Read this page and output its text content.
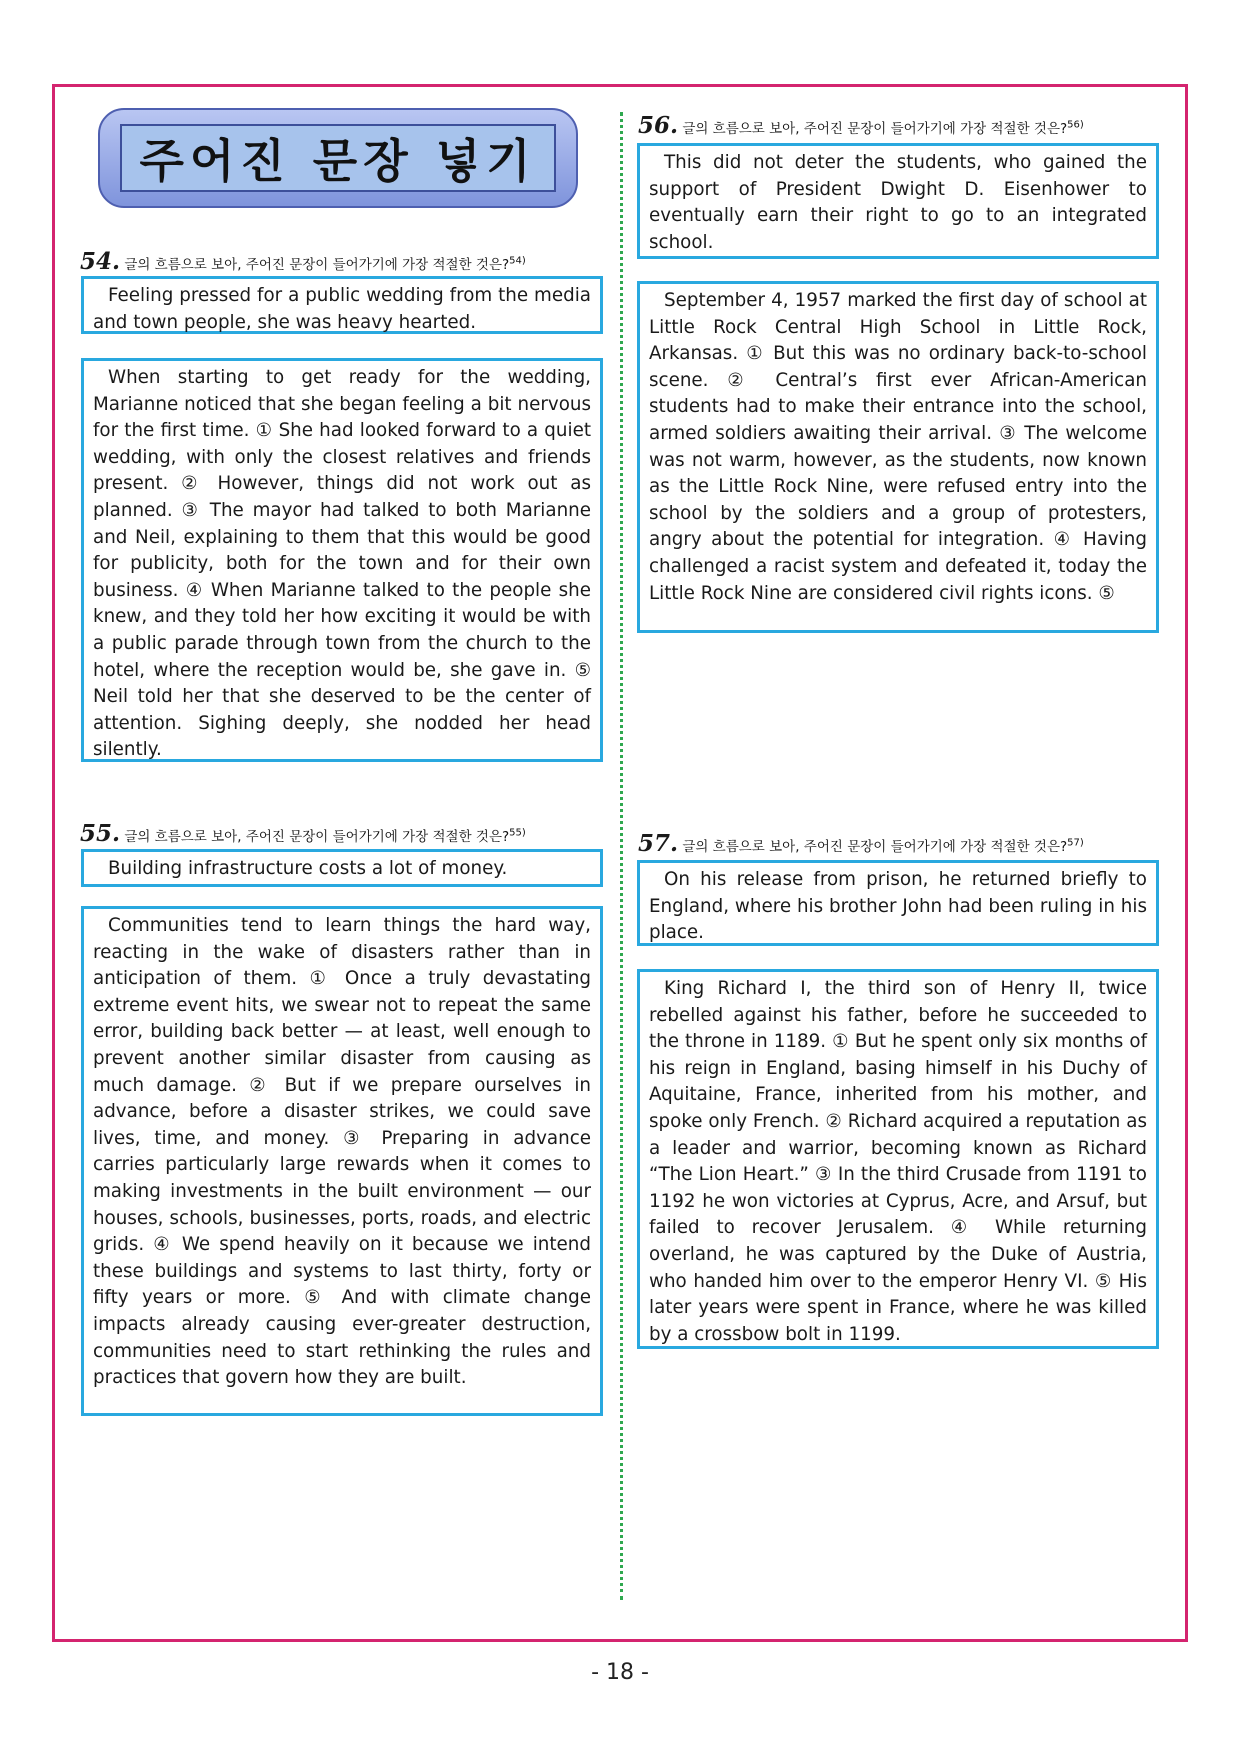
주어진 문장 넣기
54. 글의 흐름으로 보아, 주어진 문장이 들어가기에 가장 적절한 것은?$^{54)}$
Feeling pressed for a public wedding from the media and town people, she was heavy hearted.
When starting to get ready for the wedding, Marianne noticed that she began feeling a bit nervous for the first time. ① She had looked forward to a quiet wedding, with only the closest relatives and friends present. ② However, things did not work out as planned. ③ The mayor had talked to both Marianne and Neil, explaining to them that this would be good for publicity, both for the town and for their own business. ④ When Marianne talked to the people she knew, and they told her how exciting it would be with a public parade through town from the church to the hotel, where the reception would be, she gave in. ⑤ Neil told her that she deserved to be the center of attention. Sighing deeply, she nodded her head silently.
55. 글의 흐름으로 보아, 주어진 문장이 들어가기에 가장 적절한 것은?$^{55)}$
Building infrastructure costs a lot of money.
Communities tend to learn things the hard way, reacting in the wake of disasters rather than in anticipation of them. ① Once a truly devastating extreme event hits, we swear not to repeat the same error, building back better — at least, well enough to prevent another similar disaster from causing as much damage. ② But if we prepare ourselves in advance, before a disaster strikes, we could save lives, time, and money. ③ Preparing in advance carries particularly large rewards when it comes to making investments in the built environment — our houses, schools, businesses, ports, roads, and electric grids. ④ We spend heavily on it because we intend these buildings and systems to last thirty, forty or fifty years or more. ⑤ And with climate change impacts already causing ever-greater destruction, communities need to start rethinking the rules and practices that govern how they are built.
56. 글의 흐름으로 보아, 주어진 문장이 들어가기에 가장 적절한 것은?$^{56)}$
This did not deter the students, who gained the support of President Dwight D. Eisenhower to eventually earn their right to go to an integrated school.
September 4, 1957 marked the first day of school at Little Rock Central High School in Little Rock, Arkansas. ① But this was no ordinary back-to-school scene. ② Central’s first ever African-American students had to make their entrance into the school, armed soldiers awaiting their arrival. ③ The welcome was not warm, however, as the students, now known as the Little Rock Nine, were refused entry into the school by the soldiers and a group of protesters, angry about the potential for integration. ④ Having challenged a racist system and defeated it, today the Little Rock Nine are considered civil rights icons. ⑤
57. 글의 흐름으로 보아, 주어진 문장이 들어가기에 가장 적절한 것은?$^{57)}$
On his release from prison, he returned briefly to England, where his brother John had been ruling in his place.
King Richard I, the third son of Henry II, twice rebelled against his father, before he succeeded to the throne in 1189. ① But he spent only six months of his reign in England, basing himself in his Duchy of Aquitaine, France, inherited from his mother, and spoke only French. ② Richard acquired a reputation as a leader and warrior, becoming known as Richard “The Lion Heart.” ③ In the third Crusade from 1191 to 1192 he won victories at Cyprus, Acre, and Arsuf, but failed to recover Jerusalem. ④ While returning overland, he was captured by the Duke of Austria, who handed him over to the emperor Henry VI. ⑤ His later years were spent in France, where he was killed by a crossbow bolt in 1199.
- 18 -
